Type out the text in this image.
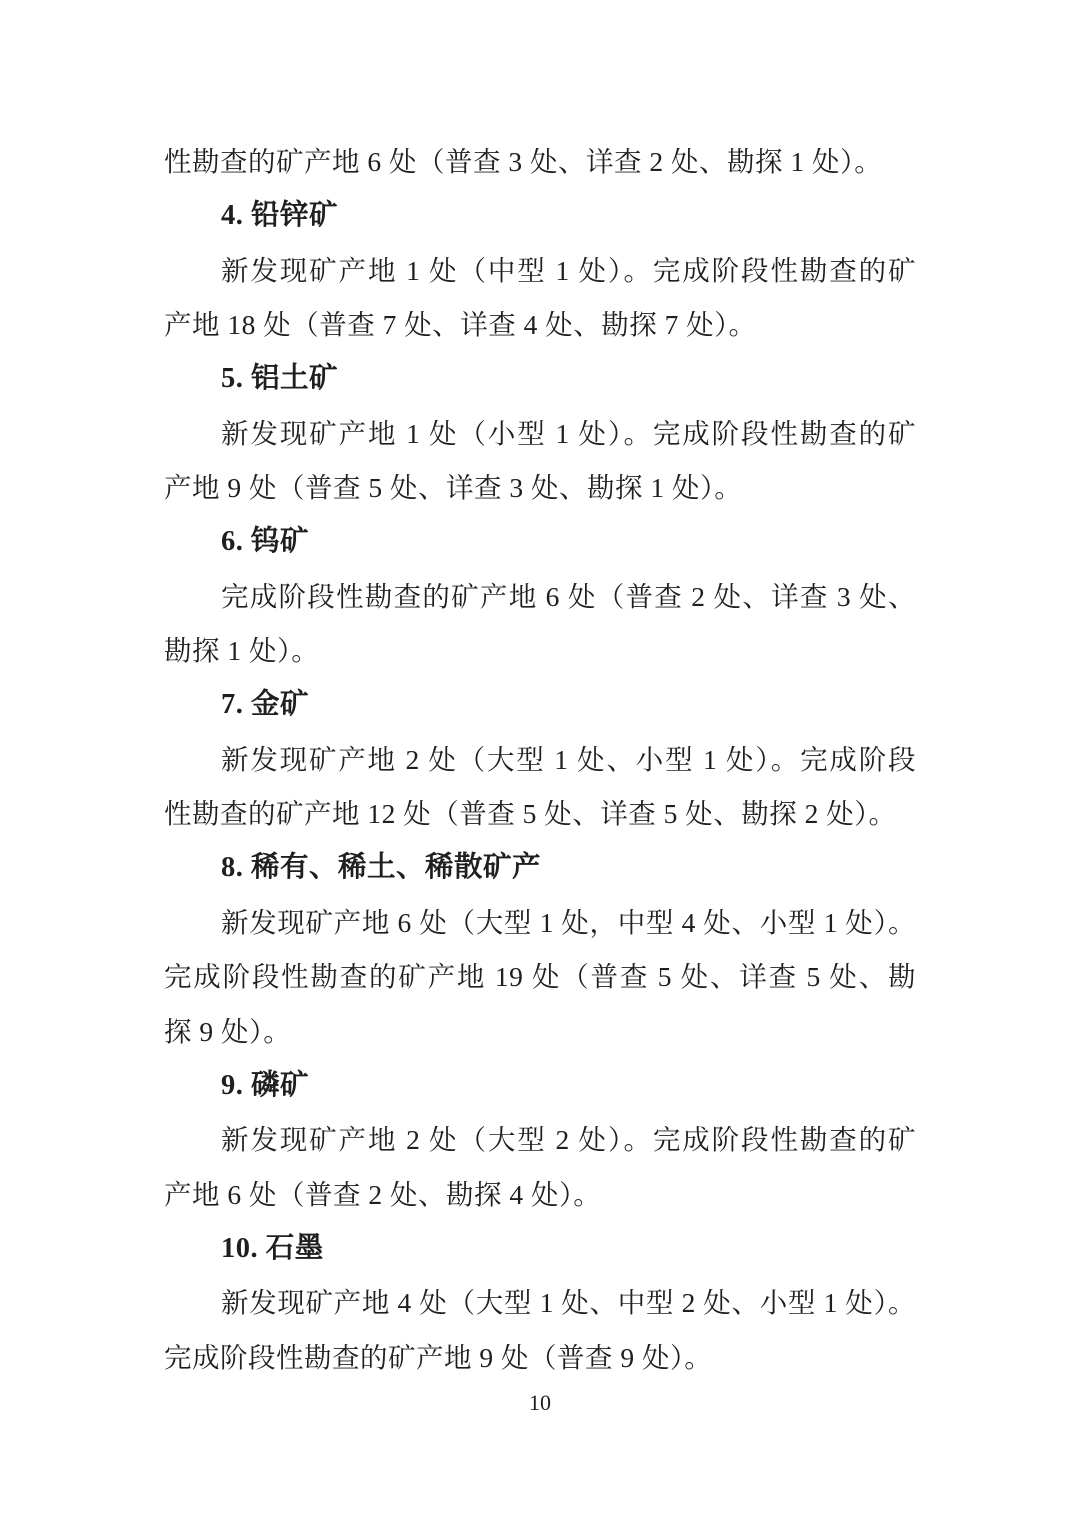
性勘查的矿产地 6 处（普查 3 处、详查 2 处、勘探 1 处）。
4. 铅锌矿
新发现矿产地 1 处（中型 1 处）。完成阶段性勘查的矿
产地 18 处（普查 7 处、详查 4 处、勘探 7 处）。
5. 铝土矿
新发现矿产地 1 处（小型 1 处）。完成阶段性勘查的矿
产地 9 处（普查 5 处、详查 3 处、勘探 1 处）。
6. 钨矿
完成阶段性勘查的矿产地 6 处（普查 2 处、详查 3 处、
勘探 1 处）。
7. 金矿
新发现矿产地 2 处（大型 1 处、小型 1 处）。完成阶段
性勘查的矿产地 12 处（普查 5 处、详查 5 处、勘探 2 处）。
8. 稀有、稀土、稀散矿产
新发现矿产地 6 处（大型 1 处，中型 4 处、小型 1 处）。
完成阶段性勘查的矿产地 19 处（普查 5 处、详查 5 处、勘
探 9 处）。
9. 磷矿
新发现矿产地 2 处（大型 2 处）。完成阶段性勘查的矿
产地 6 处（普查 2 处、勘探 4 处）。
10. 石墨
新发现矿产地 4 处（大型 1 处、中型 2 处、小型 1 处）。
完成阶段性勘查的矿产地 9 处（普查 9 处）。
10
